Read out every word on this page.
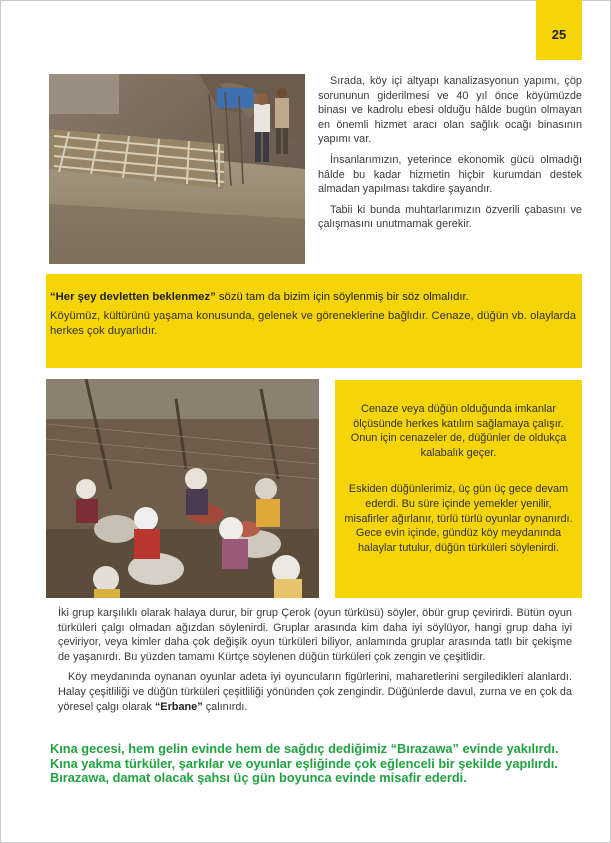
25

Sırada, köy içi altyapı kanalizasyonun yapımı, çöp sorununun giderilmesi ve 40 yıl önce köyümüzde binası ve kadrolu ebesi olduğu hâlde bugün olmayan en önemli hizmet aracı olan sağlık ocağı binasının yapımı var.

İnsanlarımızın, yeterince ekonomik gücü olmadığı hâlde bu kadar hizmetin hiçbir kurumdan destek almadan yapılması takdire şayandır.

Tabii ki bunda muhtarlarımızın özverili çabasını ve çalışmasını unutmamak gerekir.

“Her şey devletten beklenmez” sözü tam da bizim için söylenmiş bir söz olmalıdır.

Köyümüz, kültürünü yaşama konusunda, gelenek ve göreneklerine bağlıdır. Cenaze, düğün vb. olaylarda herkes çok duyarlıdır.

Cenaze veya düğün olduğunda imkanlar ölçüsünde herkes katılım sağlamaya çalışır. Onun için cenazeler de, düğünler de oldukça kalabalık geçer.

Eskiden düğünlerimiz, üç gün üç gece devam ederdi. Bu süre içinde yemekler yenilir, misafirler ağırlanır, türlü türlü oyunlar oynanırdı. Gece evin içinde, gündüz köy meydanında halaylar tutulur, düğün türküleri söylenirdi.

İki grup karşılıklı olarak halaya durur, bir grup Çerok (oyun türküsü) söyler, öbür grup çevirirdi. Bütün oyun türküleri çalgı olmadan ağızdan söylenirdi. Gruplar arasında kim daha iyi söylüyor, hangi grup daha iyi çeviriyor, veya kimler daha çok değişik oyun türküleri biliyor, anlamında gruplar arasında tatlı bir çekişme de yaşanırdı. Bu yüzden tamamı Kürtçe söylenen düğün türküleri çok zengin ve çeşitlidir.

Köy meydanında oynanan oyunlar adeta iyi oyuncuların figürlerini, maharetlerini sergiledikleri alanlardı. Halay çeşitliliği ve düğün türküleri çeşitliliği yönünden çok zengindir. Düğünlerde davul, zurna ve en çok da yöresel çalgı olarak “Erbane” çalınırdı.

Kına gecesi, hem gelin evinde hem de sağdıç dediğimiz “Bırazawa” evinde yakılırdı. Kına yakma türküler, şarkılar ve oyunlar eşliğinde çok eğlenceli bir şekilde yapılırdı. Bırazawa, damat olacak şahsı üç gün boyunca evinde misafir ederdi.
